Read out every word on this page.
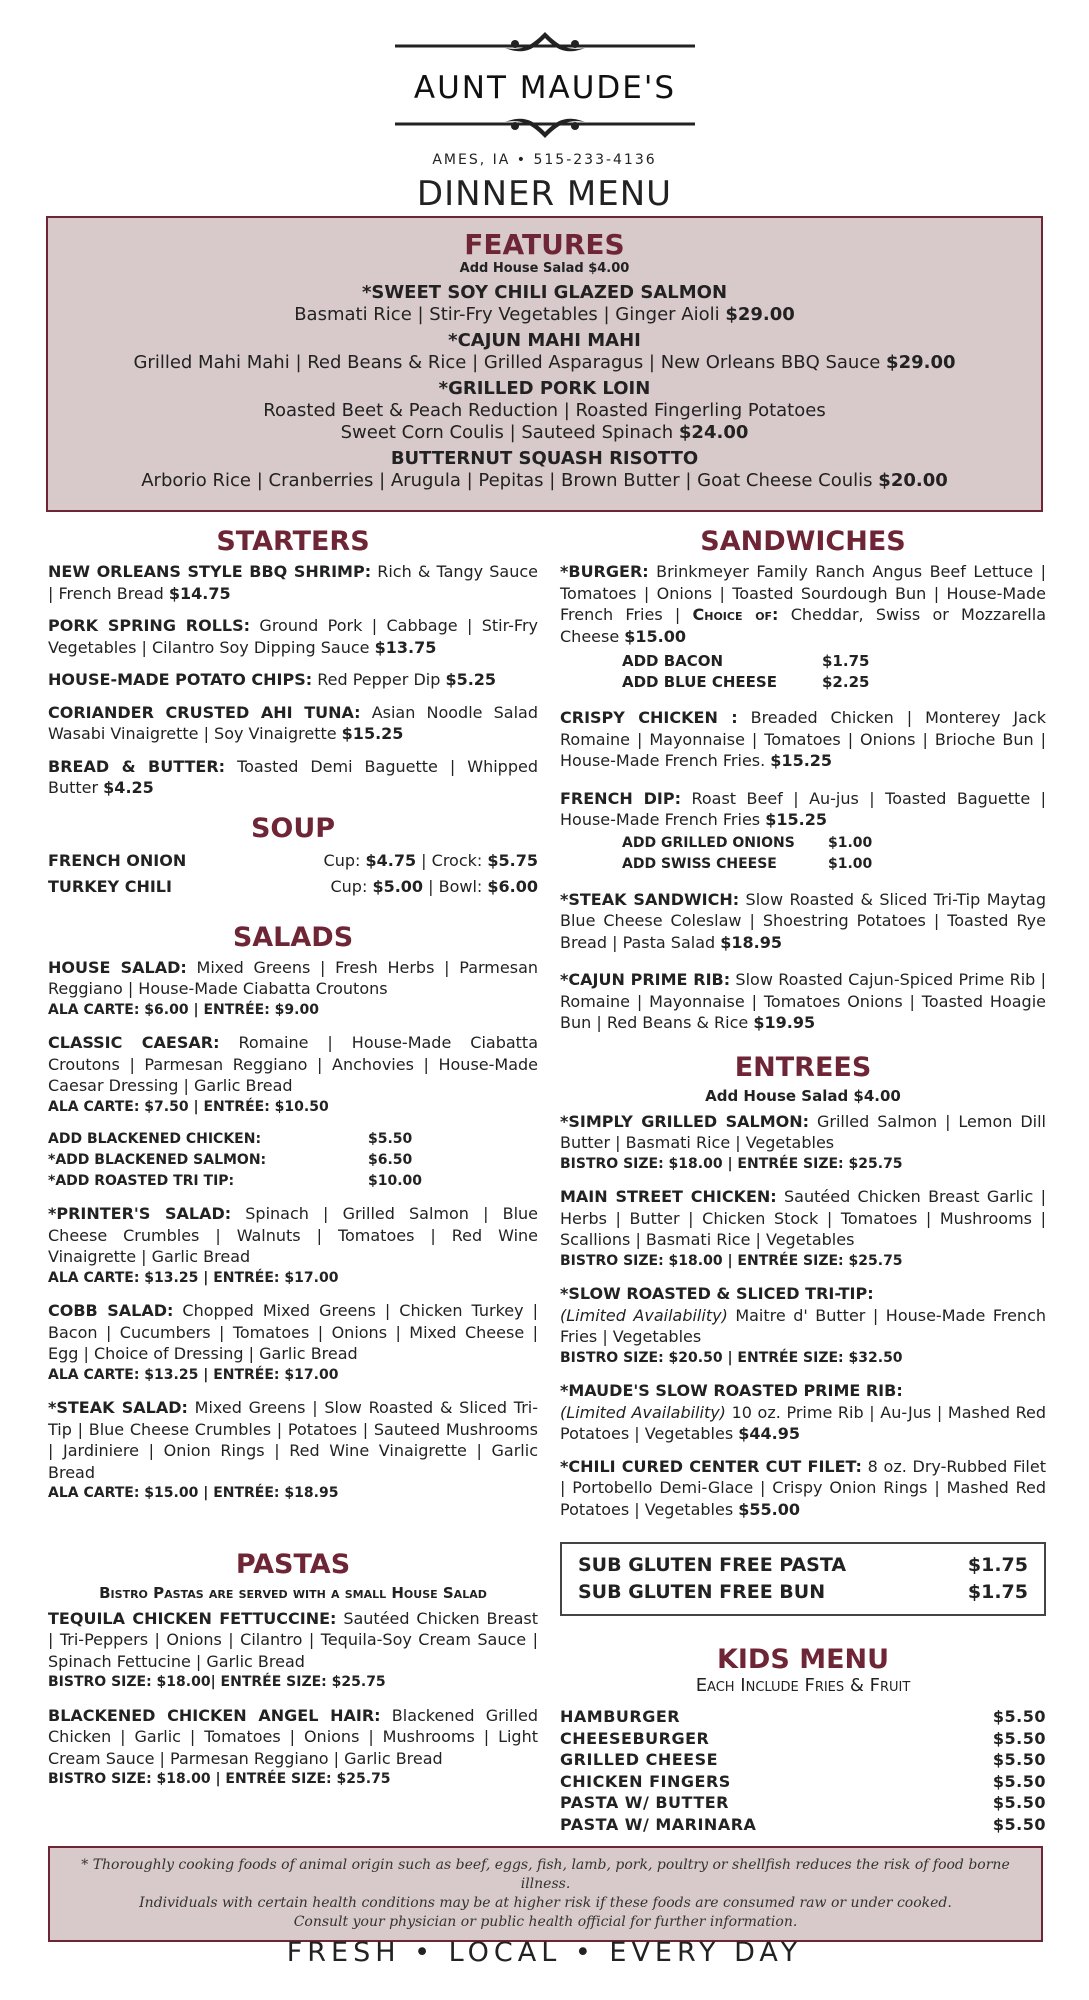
AUNT MAUDE'S
AMES, IA • 515-233-4136
DINNER MENU
FEATURES
Add House Salad $4.00
*SWEET SOY CHILI GLAZED SALMON
Basmati Rice | Stir-Fry Vegetables | Ginger Aioli $29.00
*CAJUN MAHI MAHI
Grilled Mahi Mahi | Red Beans & Rice | Grilled Asparagus | New Orleans BBQ Sauce $29.00
*GRILLED PORK LOIN
Roasted Beet & Peach Reduction | Roasted Fingerling Potatoes
Sweet Corn Coulis | Sauteed Spinach $24.00
BUTTERNUT SQUASH RISOTTO
Arborio Rice | Cranberries | Arugula | Pepitas | Brown Butter | Goat Cheese Coulis $20.00
STARTERS
NEW ORLEANS STYLE BBQ SHRIMP: Rich & Tangy Sauce | French Bread $14.75
PORK SPRING ROLLS: Ground Pork | Cabbage | Stir-Fry Vegetables | Cilantro Soy Dipping Sauce $13.75
HOUSE-MADE POTATO CHIPS: Red Pepper Dip $5.25
CORIANDER CRUSTED AHI TUNA: Asian Noodle Salad Wasabi Vinaigrette | Soy Vinaigrette $15.25
BREAD & BUTTER: Toasted Demi Baguette | Whipped Butter $4.25
SOUP
FRENCH ONION	Cup: $4.75 | Crock: $5.75
TURKEY CHILI	Cup: $5.00 | Bowl: $6.00
SALADS
HOUSE SALAD: Mixed Greens | Fresh Herbs | Parmesan Reggiano | House-Made Ciabatta Croutons
ALA CARTE: $6.00 | ENTRÉE: $9.00
CLASSIC CAESAR: Romaine | House-Made Ciabatta Croutons | Parmesan Reggiano | Anchovies | House-Made Caesar Dressing | Garlic Bread
ALA CARTE: $7.50 | ENTRÉE: $10.50
ADD BLACKENED CHICKEN:	$5.50
*ADD BLACKENED SALMON:	$6.50
*ADD ROASTED TRI TIP:	$10.00
*PRINTER'S SALAD: Spinach | Grilled Salmon | Blue Cheese Crumbles | Walnuts | Tomatoes | Red Wine Vinaigrette | Garlic Bread
ALA CARTE: $13.25 | ENTRÉE: $17.00
COBB SALAD: Chopped Mixed Greens | Chicken Turkey | Bacon | Cucumbers | Tomatoes | Onions | Mixed Cheese | Egg | Choice of Dressing | Garlic Bread
ALA CARTE: $13.25 | ENTRÉE: $17.00
*STEAK SALAD: Mixed Greens | Slow Roasted & Sliced Tri-Tip | Blue Cheese Crumbles | Potatoes | Sauteed Mushrooms | Jardiniere | Onion Rings | Red Wine Vinaigrette | Garlic Bread
ALA CARTE: $15.00 | ENTRÉE: $18.95
PASTAS
Bistro Pastas are served with a small House Salad
TEQUILA CHICKEN FETTUCCINE: Sautéed Chicken Breast | Tri-Peppers | Onions | Cilantro | Tequila-Soy Cream Sauce | Spinach Fettucine | Garlic Bread
BISTRO SIZE: $18.00| ENTRÉE SIZE: $25.75
BLACKENED CHICKEN ANGEL HAIR: Blackened Grilled Chicken | Garlic | Tomatoes | Onions | Mushrooms | Light Cream Sauce | Parmesan Reggiano | Garlic Bread
BISTRO SIZE: $18.00 | ENTRÉE SIZE: $25.75
SANDWICHES
*BURGER: Brinkmeyer Family Ranch Angus Beef Lettuce | Tomatoes | Onions | Toasted Sourdough Bun | House-Made French Fries | Choice of: Cheddar, Swiss or Mozzarella Cheese $15.00
ADD BACON	$1.75
ADD BLUE CHEESE	$2.25
CRISPY CHICKEN : Breaded Chicken | Monterey Jack Romaine | Mayonnaise | Tomatoes | Onions | Brioche Bun | House-Made French Fries. $15.25
FRENCH DIP: Roast Beef | Au-jus | Toasted Baguette | House-Made French Fries $15.25
ADD GRILLED ONIONS	$1.00
ADD SWISS CHEESE	$1.00
*STEAK SANDWICH: Slow Roasted & Sliced Tri-Tip Maytag Blue Cheese Coleslaw | Shoestring Potatoes | Toasted Rye Bread | Pasta Salad $18.95
*CAJUN PRIME RIB: Slow Roasted Cajun-Spiced Prime Rib | Romaine | Mayonnaise | Tomatoes Onions | Toasted Hoagie Bun | Red Beans & Rice $19.95
ENTREES
Add House Salad $4.00
*SIMPLY GRILLED SALMON: Grilled Salmon | Lemon Dill Butter | Basmati Rice | Vegetables
BISTRO SIZE: $18.00 | ENTRÉE SIZE: $25.75
MAIN STREET CHICKEN: Sautéed Chicken Breast Garlic | Herbs | Butter | Chicken Stock | Tomatoes | Mushrooms | Scallions | Basmati Rice | Vegetables
BISTRO SIZE: $18.00 | ENTRÉE SIZE: $25.75
*SLOW ROASTED & SLICED TRI-TIP:
(Limited Availability) Maitre d' Butter | House-Made French Fries | Vegetables
BISTRO SIZE: $20.50 | ENTRÉE SIZE: $32.50
*MAUDE'S SLOW ROASTED PRIME RIB:
(Limited Availability) 10 oz. Prime Rib | Au-Jus | Mashed Red Potatoes | Vegetables $44.95
*CHILI CURED CENTER CUT FILET: 8 oz. Dry-Rubbed Filet | Portobello Demi-Glace | Crispy Onion Rings | Mashed Red Potatoes | Vegetables $55.00
SUB GLUTEN FREE PASTA	$1.75
SUB GLUTEN FREE BUN	$1.75
KIDS MENU
Each Include Fries & Fruit
HAMBURGER	$5.50
CHEESEBURGER	$5.50
GRILLED CHEESE	$5.50
CHICKEN FINGERS	$5.50
PASTA W/ BUTTER	$5.50
PASTA W/ MARINARA	$5.50
* Thoroughly cooking foods of animal origin such as beef, eggs, fish, lamb, pork, poultry or shellfish reduces the risk of food borne illness.
Individuals with certain health conditions may be at higher risk if these foods are consumed raw or under cooked.
Consult your physician or public health official for further information.
FRESH • LOCAL • EVERY DAY
